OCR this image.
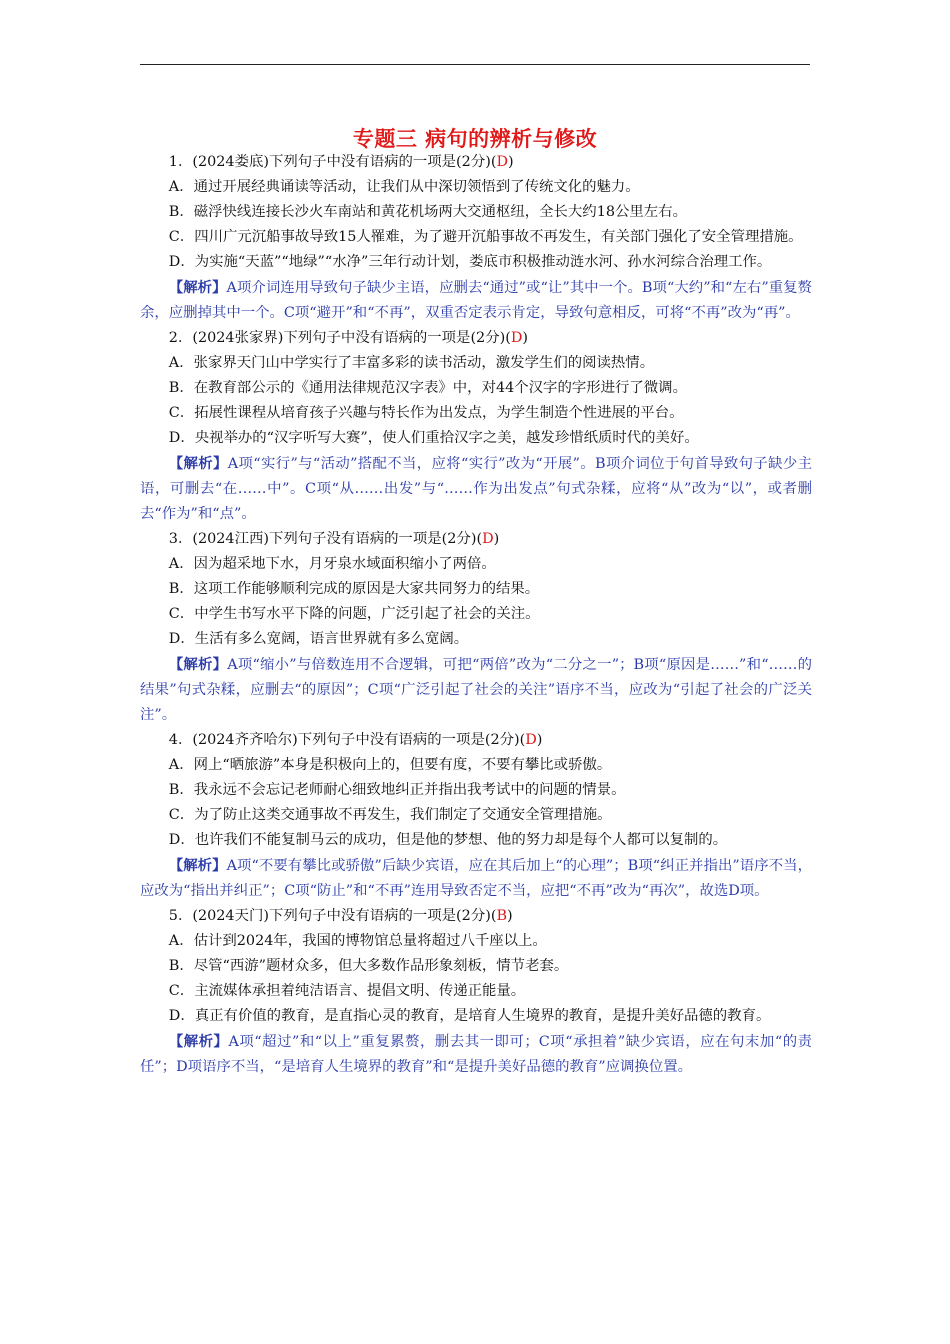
专题三 病句的辨析与修改

1．(2024娄底)下列句子中没有语病的一项是(2分)(D)

A．通过开展经典诵读等活动，让我们从中深切领悟到了传统文化的魅力。

B．磁浮快线连接长沙火车南站和黄花机场两大交通枢纽，全长大约18公里左右。

C．四川广元沉船事故导致15人罹难，为了避开沉船事故不再发生，有关部门强化了安全管理措施。

D．为实施“天蓝”“地绿”“水净”三年行动计划，娄底市积极推动涟水河、孙水河综合治理工作。

【解析】A项介词连用导致句子缺少主语，应删去“通过”或“让”其中一个。B项“大约”和“左右”重复赘余，应删掉其中一个。C项“避开”和“不再”，双重否定表示肯定，导致句意相反，可将“不再”改为“再”。

2．(2024张家界)下列句子中没有语病的一项是(2分)(D)

A．张家界天门山中学实行了丰富多彩的读书活动，激发学生们的阅读热情。

B．在教育部公示的《通用法律规范汉字表》中，对44个汉字的字形进行了微调。

C．拓展性课程从培育孩子兴趣与特长作为出发点，为学生制造个性进展的平台。

D．央视举办的“汉字听写大赛”，使人们重拾汉字之美，越发珍惜纸质时代的美好。

【解析】A项“实行”与“活动”搭配不当，应将“实行”改为“开展”。B项介词位于句首导致句子缺少主语，可删去“在……中”。C项“从……出发”与“……作为出发点”句式杂糅，应将“从”改为“以”，或者删去“作为”和“点”。

3．(2024江西)下列句子没有语病的一项是(2分)(D)

A．因为超采地下水，月牙泉水域面积缩小了两倍。

B．这项工作能够顺利完成的原因是大家共同努力的结果。

C．中学生书写水平下降的问题，广泛引起了社会的关注。

D．生活有多么宽阔，语言世界就有多么宽阔。

【解析】A项“缩小”与倍数连用不合逻辑，可把“两倍”改为“二分之一”；B项“原因是……”和“……的结果”句式杂糅，应删去“的原因”；C项“广泛引起了社会的关注”语序不当，应改为“引起了社会的广泛关注”。

4．(2024齐齐哈尔)下列句子中没有语病的一项是(2分)(D)

A．网上“晒旅游”本身是积极向上的，但要有度，不要有攀比或骄傲。

B．我永远不会忘记老师耐心细致地纠正并指出我考试中的问题的情景。

C．为了防止这类交通事故不再发生，我们制定了交通安全管理措施。

D．也许我们不能复制马云的成功，但是他的梦想、他的努力却是每个人都可以复制的。

【解析】A项“不要有攀比或骄傲”后缺少宾语，应在其后加上“的心理”；B项“纠正并指出”语序不当，应改为“指出并纠正”；C项“防止”和“不再”连用导致否定不当，应把“不再”改为“再次”，故选D项。

5．(2024天门)下列句子中没有语病的一项是(2分)(B)

A．估计到2024年，我国的博物馆总量将超过八千座以上。

B．尽管“西游”题材众多，但大多数作品形象刻板，情节老套。

C．主流媒体承担着纯洁语言、提倡文明、传递正能量。

D．真正有价值的教育，是直指心灵的教育，是培育人生境界的教育，是提升美好品德的教育。

【解析】A项“超过”和“以上”重复累赘，删去其一即可；C项“承担着”缺少宾语，应在句末加“的责任”；D项语序不当，“是培育人生境界的教育”和“是提升美好品德的教育”应调换位置。
